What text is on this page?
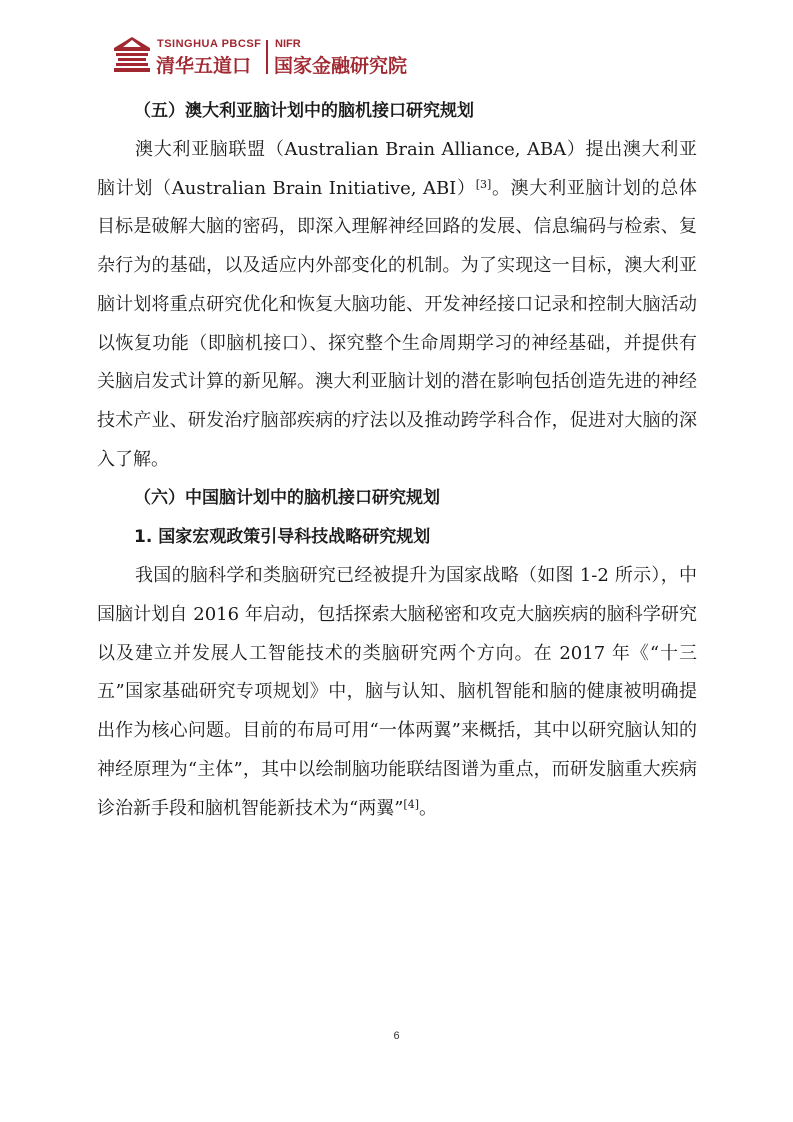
TSINGHUA PBCSF
清华五道口
NIFR
国家金融研究院
（五）澳大利亚脑计划中的脑机接口研究规划

澳大利亚脑联盟（Australian Brain Alliance, ABA）提出澳大利亚脑计划（Australian Brain Initiative, ABI）[3]。澳大利亚脑计划的总体目标是破解大脑的密码，即深入理解神经回路的发展、信息编码与检索、复杂行为的基础，以及适应内外部变化的机制。为了实现这一目标，澳大利亚脑计划将重点研究优化和恢复大脑功能、开发神经接口记录和控制大脑活动以恢复功能（即脑机接口）、探究整个生命周期学习的神经基础，并提供有关脑启发式计算的新见解。澳大利亚脑计划的潜在影响包括创造先进的神经技术产业、研发治疗脑部疾病的疗法以及推动跨学科合作，促进对大脑的深入了解。

（六）中国脑计划中的脑机接口研究规划
1. 国家宏观政策引导科技战略研究规划

我国的脑科学和类脑研究已经被提升为国家战略（如图 1-2 所示），中国脑计划自 2016 年启动，包括探索大脑秘密和攻克大脑疾病的脑科学研究以及建立并发展人工智能技术的类脑研究两个方向。在 2017 年《“十三五”国家基础研究专项规划》中，脑与认知、脑机智能和脑的健康被明确提出作为核心问题。目前的布局可用“一体两翼”来概括，其中以研究脑认知的神经原理为“主体”，其中以绘制脑功能联结图谱为重点，而研发脑重大疾病诊治新手段和脑机智能新技术为“两翼”[4]。

6
